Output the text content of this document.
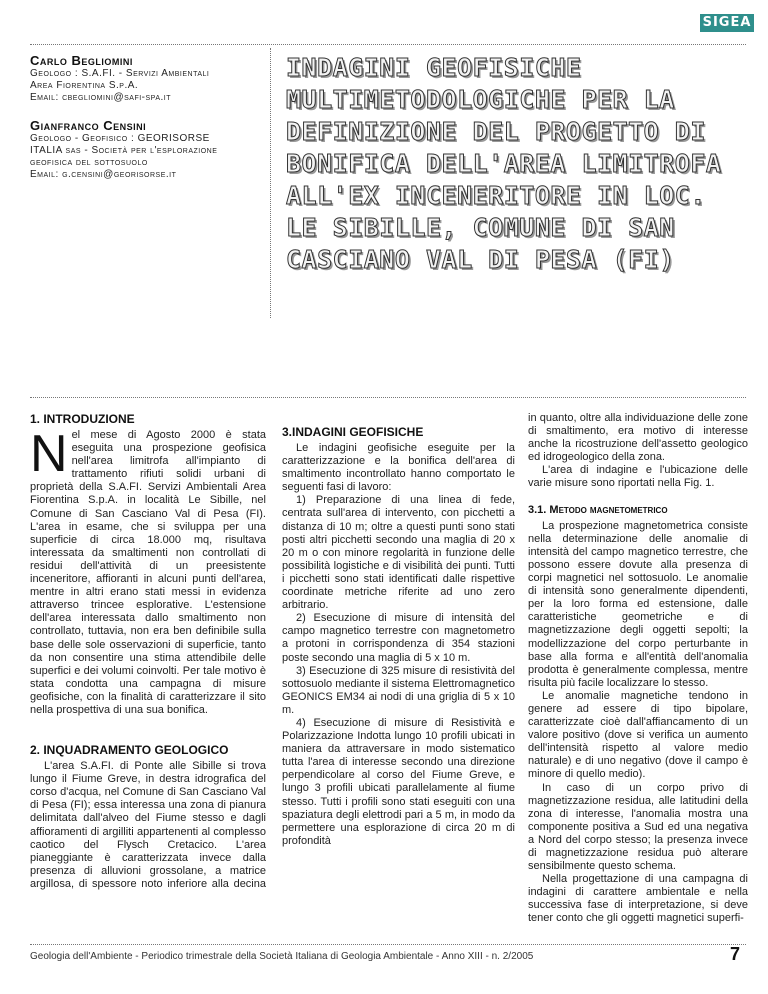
SIGEA

Carlo Begliomini

Geologo : S.A.FI. - Servizi Ambientali

Area Fiorentina S.p.A.

Email: cbegliomini@safi-spa.it

Gianfranco Censini

Geologo - Geofisico : GEORISORSE

ITALIA sas - Società per l'esplorazione

geofisica del sottosuolo

Email: g.censini@georisorse.it

INDAGINI GEOFISICHE MULTIMETODOLOGICHE PER LA DEFINIZIONE DEL PROGETTO DI BONIFICA DELL'AREA LIMITROFA ALL'EX INCENERITORE IN LOC. LE SIBILLE, COMUNE DI SAN CASCIANO VAL DI PESA (FI)
1. INTRODUZIONE

Nel mese di Agosto 2000 è stata eseguita una prospezione geofisica nell'area limitrofa all'impianto di trattamento rifiuti solidi urbani di proprietà della S.A.FI. Servizi Ambientali Area Fiorentina S.p.A. in località Le Sibille, nel Comune di San Casciano Val di Pesa (FI). L'area in esame, che si sviluppa per una superficie di circa 18.000 mq, risultava interessata da smaltimenti non controllati di residui dell'attività di un preesistente inceneritore, affioranti in alcuni punti dell'area, mentre in altri erano stati messi in evidenza attraverso trincee esplorative. L'estensione dell'area interessata dallo smaltimento non controllato, tuttavia, non era ben definibile sulla base delle sole osservazioni di superficie, tanto da non consentire una stima attendibile delle superfici e dei volumi coinvolti. Per tale motivo è stata condotta una campagna di misure geofisiche, con la finalità di caratterizzare il sito nella prospettiva di una sua bonifica.

2. INQUADRAMENTO GEOLOGICO

L'area S.A.FI. di Ponte alle Sibille si trova lungo il Fiume Greve, in destra idrografica del corso d'acqua, nel Comune di San Casciano Val di Pesa (FI); essa interessa una zona di pianura delimitata dall'alveo del Fiume stesso e dagli affioramenti di argilliti appartenenti al complesso caotico del Flysch Cretacico. L'area pianeggiante è caratterizzata invece dalla presenza di alluvioni grossolane, a matrice argillosa, di spessore noto inferiore alla decina

3.INDAGINI GEOFISICHE

Le indagini geofisiche eseguite per la caratterizzazione e la bonifica dell'area di smaltimento incontrollato hanno comportato le seguenti fasi di lavoro:

1) Preparazione di una linea di fede, centrata sull'area di intervento, con picchetti a distanza di 10 m; oltre a questi punti sono stati posti altri picchetti secondo una maglia di 20 x 20 m o con minore regolarità in funzione delle possibilità logistiche e di visibilità dei punti. Tutti i picchetti sono stati identificati dalle rispettive coordinate metriche riferite ad uno zero arbitrario.

2) Esecuzione di misure di intensità del campo magnetico terrestre con magnetometro a protoni in corrispondenza di 354 stazioni poste secondo una maglia di 5 x 10 m.

3) Esecuzione di 325 misure di resistività del sottosuolo mediante il sistema Elettromagnetico GEONICS EM34 ai nodi di una griglia di 5 x 10 m.

4) Esecuzione di misure di Resistività e Polarizzazione Indotta lungo 10 profili ubicati in maniera da attraversare in modo sistematico tutta l'area di interesse secondo una direzione perpendicolare al corso del Fiume Greve, e lungo 3 profili ubicati parallelamente al fiume stesso. Tutti i profili sono stati eseguiti con una spaziatura degli elettrodi pari a 5 m, in modo da permettere una esplorazione di circa 20 m di profondità

in quanto, oltre alla individuazione delle zone di smaltimento, era motivo di interesse anche la ricostruzione dell'assetto geologico ed idrogeologico della zona.

L'area di indagine e l'ubicazione delle varie misure sono riportati nella Fig. 1.

3.1. Metodo magnetometrico

La prospezione magnetometrica consiste nella determinazione delle anomalie di intensità del campo magnetico terrestre, che possono essere dovute alla presenza di corpi magnetici nel sottosuolo. Le anomalie di intensità sono generalmente dipendenti, per la loro forma ed estensione, dalle caratteristiche geometriche e di magnetizzazione degli oggetti sepolti; la modellizzazione del corpo perturbante in base alla forma e all'entità dell'anomalia prodotta è generalmente complessa, mentre risulta più facile localizzare lo stesso.

Le anomalie magnetiche tendono in genere ad essere di tipo bipolare, caratterizzate cioè dall'affiancamento di un valore positivo (dove si verifica un aumento dell'intensità rispetto al valore medio naturale) e di uno negativo (dove il campo è minore di quello medio).

In caso di un corpo privo di magnetizzazione residua, alle latitudini della zona di interesse, l'anomalia mostra una componente positiva a Sud ed una negativa a Nord del corpo stesso; la presenza invece di magnetizzazione residua può alterare sensibilmente questo schema.

Nella progettazione di una campagna di indagini di carattere ambientale e nella successiva fase di interpretazione, si deve tener conto che gli oggetti magnetici superfi-

Geologia dell'Ambiente - Periodico trimestrale della Società Italiana di Geologia Ambientale - Anno XIII - n. 2/2005	7
